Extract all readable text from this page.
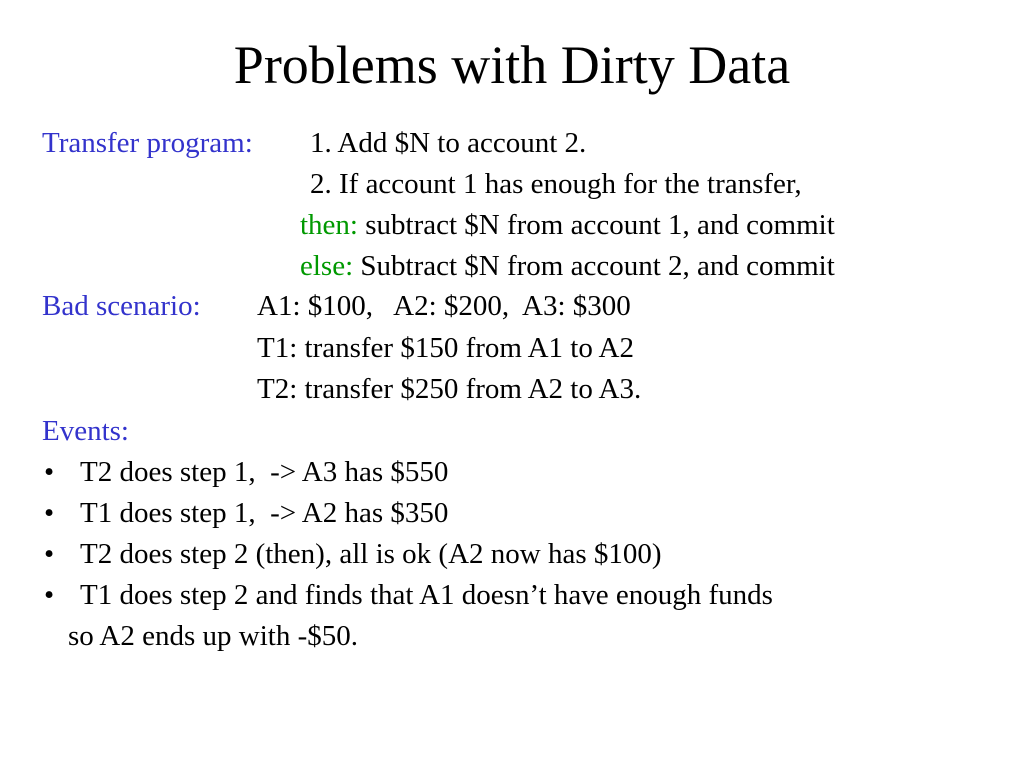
Problems with Dirty Data
Transfer program: 1. Add $N to account 2.
2. If account 1 has enough for the transfer,
then: subtract $N from account 1, and commit
else: Subtract $N from account 2, and commit
Bad scenario: A1: $100,   A2: $200,  A3: $300
T1: transfer $150 from A1 to A2
T2: transfer $250 from A2 to A3.
Events:
• T2 does step 1,  -> A3 has $550
• T1 does step 1,  -> A2 has $350
• T2 does step 2 (then), all is ok (A2 now has $100)
• T1 does step 2 and finds that A1 doesn’t have enough funds
so A2 ends up with -$50.
